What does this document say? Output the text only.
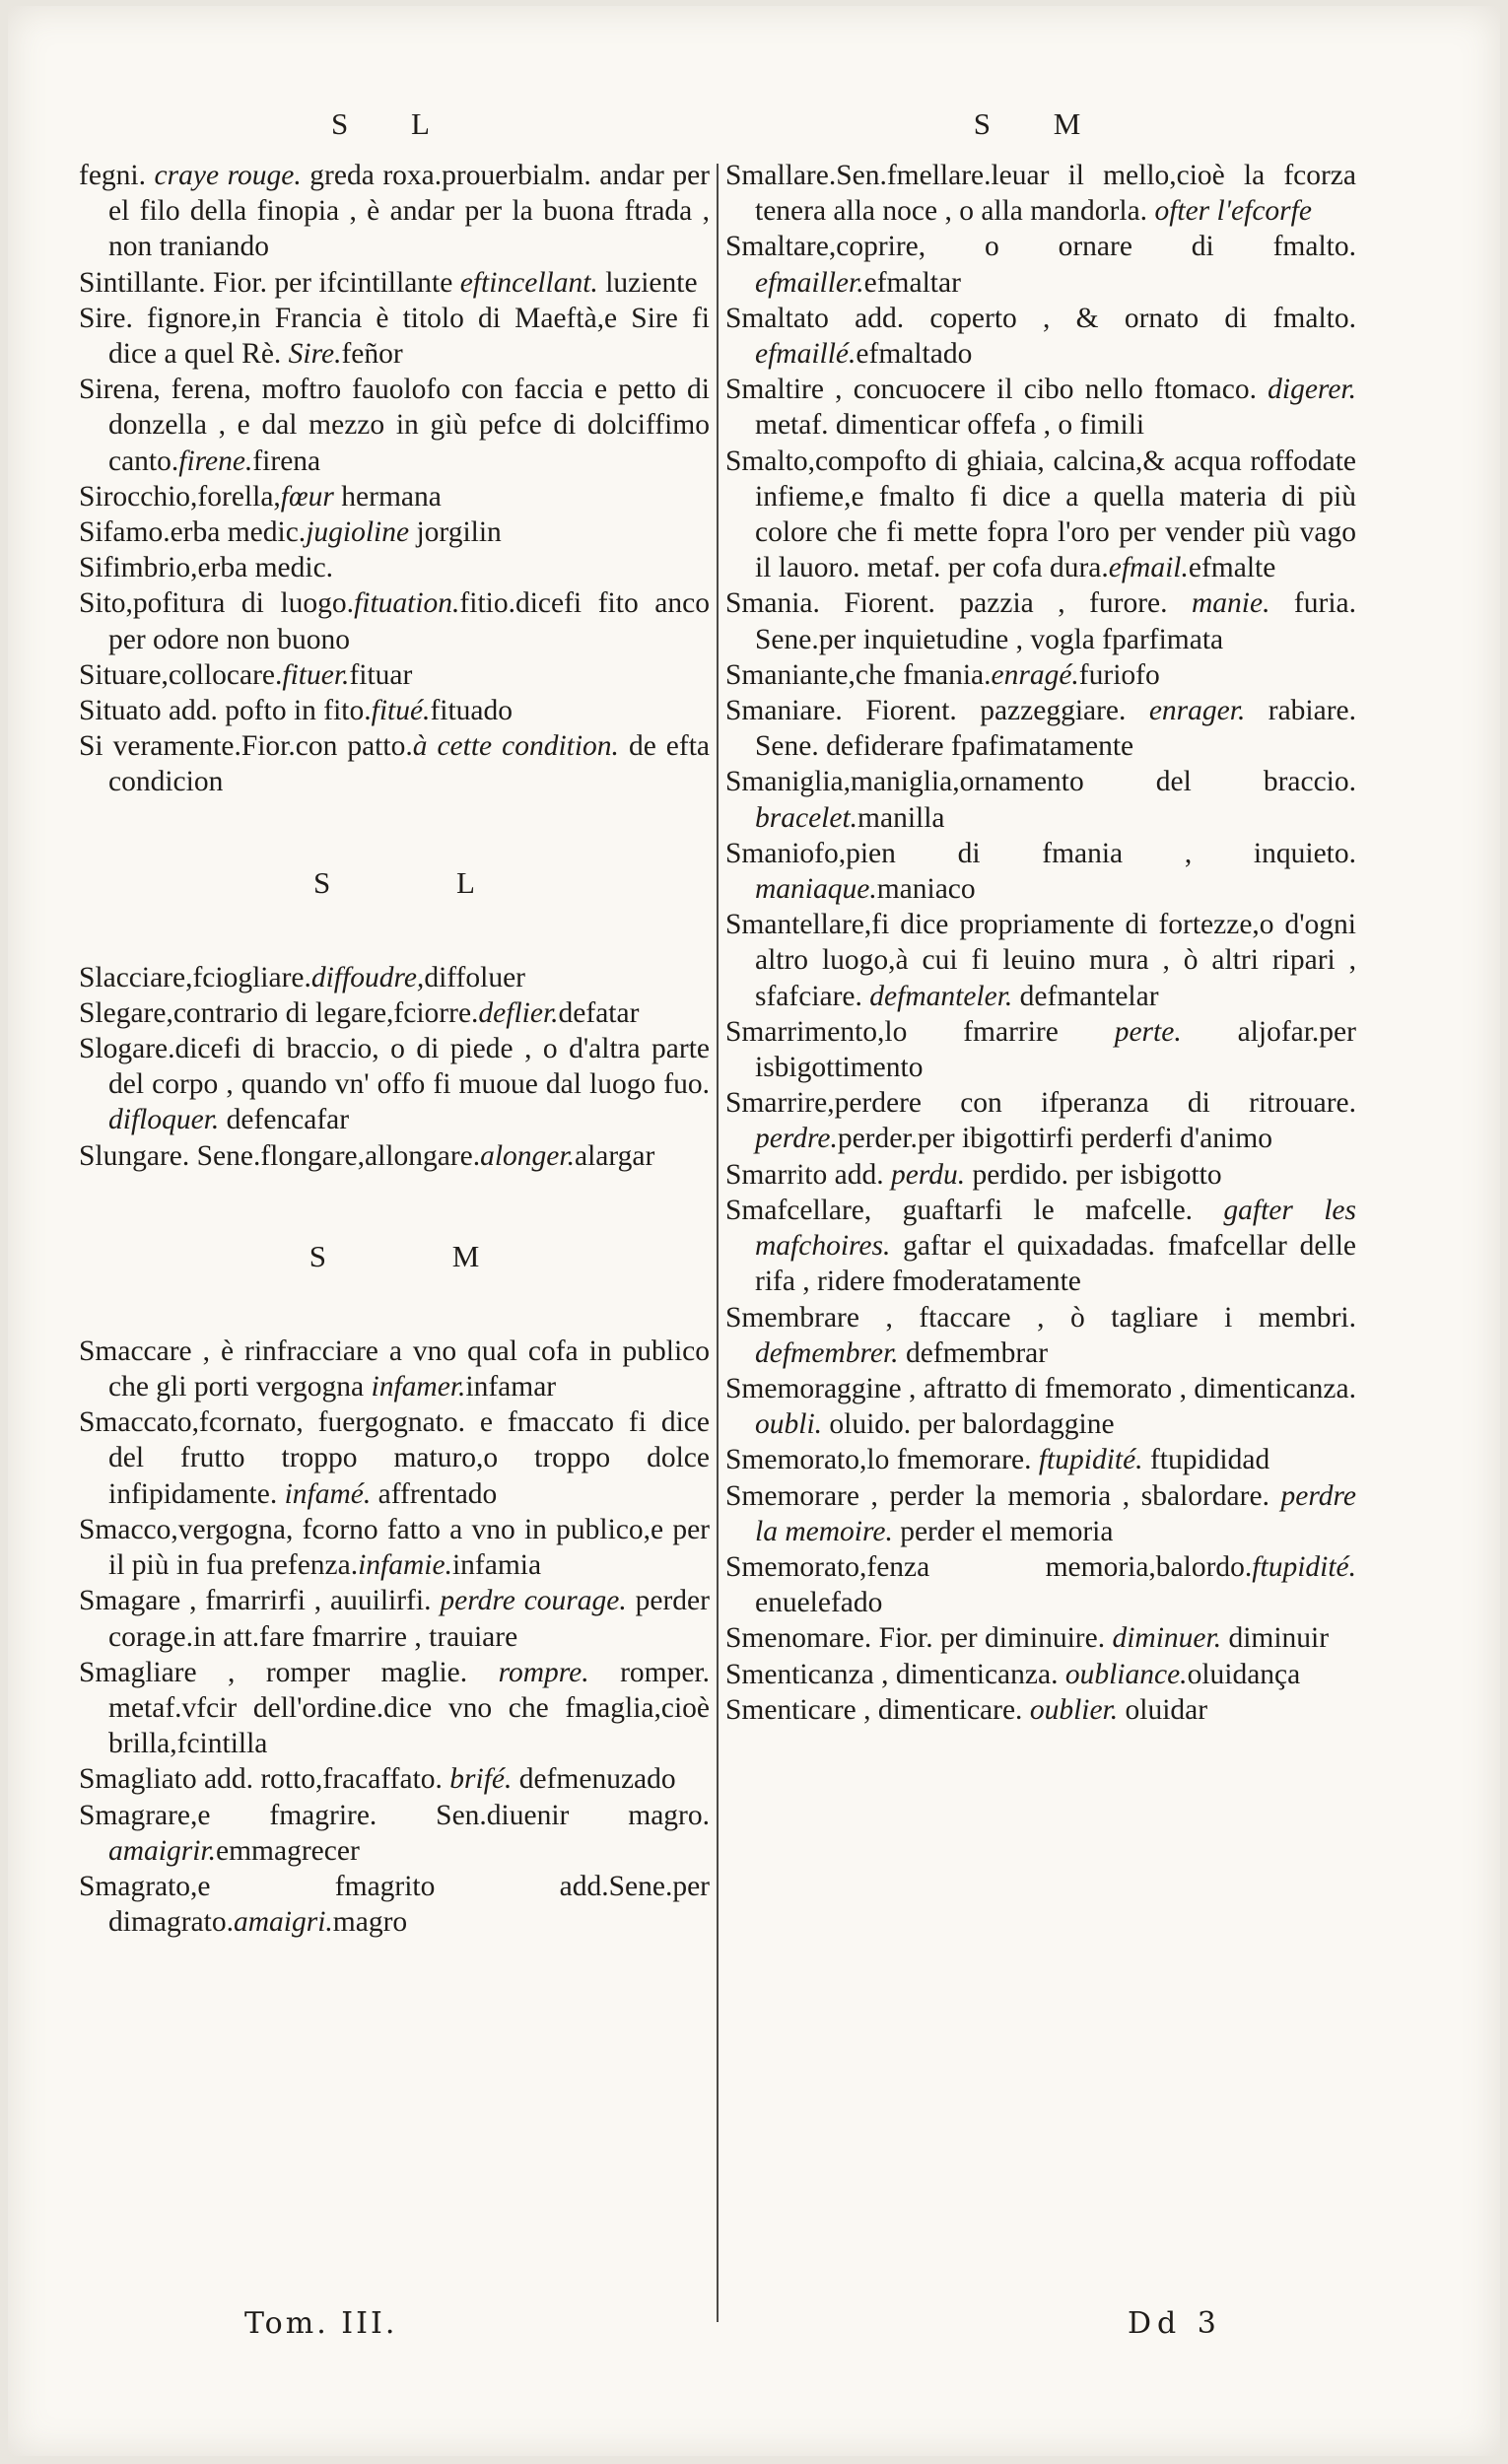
S L
fegni. craye rouge. greda roxa.prouerbialm. andar per el filo della finopia , è andar per la buona ftrada , non traniando
Sintillante. Fior. per ifcintillante eftincellant. luziente
Sire. fignore,in Francia è titolo di Maeftà,e Sire fi dice a quel Rè. Sire.feñor
Sirena, ferena, moftro fauolofo con faccia e petto di donzella , e dal mezzo in giù pefce di dolciffimo canto.firene.firena
Sirocchio,forella,fœur hermana
Sifamo.erba medic.jugioline jorgilin
Sifimbrio,erba medic.
Sito,pofitura di luogo.fituation.fitio.dicefi fito anco per odore non buono
Situare,collocare.fituer.fituar
Situato add. pofto in fito.fitué.fituado
Si veramente.Fior.con patto.à cette condition. de efta condicion
S L
Slacciare,fciogliare.diffoudre,diffoluer
Slegare,contrario di legare,fciorre.deflier.defatar
Slogare.dicefi di braccio, o di piede , o d'altra parte del corpo , quando vn' offo fi muoue dal luogo fuo. difloquer. defencafar
Slungare. Sene.flongare,allongare.alonger.alargar
S M
Smaccare , è rinfracciare a vno qual cofa in publico che gli porti vergogna infamer.infamar
Smaccato,fcornato, fuergognato. e fmaccato fi dice del frutto troppo maturo,o troppo dolce infipidamente. infamé. affrentado
Smacco,vergogna, fcorno fatto a vno in publico,e per il più in fua prefenza.infamie.infamia
Smagare , fmarrirfi , auuilirfi. perdre courage. perder corage.in att.fare fmarrire , trauiare
Smagliare , romper maglie. rompre. romper. metaf.vfcir dell'ordine.dice vno che fmaglia,cioè brilla,fcintilla
Smagliato add. rotto,fracaffato. brifé. defmenuzado
Smagrare,e fmagrire. Sen.diuenir magro. amaigrir.emmagrecer
Smagrato,e fmagrito add.Sene.per dimagrato.amaigri.magro
S M
Smallare.Sen.fmellare.leuar il mello,cioè la fcorza tenera alla noce , o alla mandorla. ofter l'efcorfe
Smaltare,coprire, o ornare di fmalto. efmailler.efmaltar
Smaltato add. coperto , & ornato di fmalto. efmaillé.efmaltado
Smaltire , concuocere il cibo nello ftomaco. digerer. metaf. dimenticar offefa , o fimili
Smalto,compofto di ghiaia, calcina,& acqua roffodate infieme,e fmalto fi dice a quella materia di più colore che fi mette fopra l'oro per vender più vago il lauoro. metaf. per cofa dura.efmail.efmalte
Smania. Fiorent. pazzia , furore. manie. furia. Sene.per inquietudine , vogla fparfimata
Smaniante,che fmania.enragé.furiofo
Smaniare. Fiorent. pazzeggiare. enrager. rabiare. Sene. defiderare fpafimatamente
Smaniglia,maniglia,ornamento del braccio. bracelet.manilla
Smaniofo,pien di fmania , inquieto. maniaque.maniaco
Smantellare,fi dice propriamente di fortezze,o d'ogni altro luogo,à cui fi leuino mura , ò altri ripari , sfafciare. defmanteler. defmantelar
Smarrimento,lo fmarrire perte. aljofar.per isbigottimento
Smarrire,perdere con ifperanza di ritrouare. perdre.perder.per ibigottirfi perderfi d'animo
Smarrito add. perdu. perdido. per isbigotto
Smafcellare, guaftarfi le mafcelle. gafter les mafchoires. gaftar el quixadadas. fmafcellar delle rifa , ridere fmoderatamente
Smembrare , ftaccare , ò tagliare i membri. defmembrer. defmembrar
Smemoraggine , aftratto di fmemorato , dimenticanza. oubli. oluido. per balordaggine
Smemorato,lo fmemorare. ftupidité. ftupididad
Smemorare , perder la memoria , sbalordare. perdre la memoire. perder el memoria
Smemorato,fenza memoria,balordo.ftupidité. enuelefado
Smenomare. Fior. per diminuire. diminuer. diminuir
Smenticanza , dimenticanza. oubliance.oluidança
Smenticare , dimenticare. oublier. oluidar
Tom. III.	Dd 3
